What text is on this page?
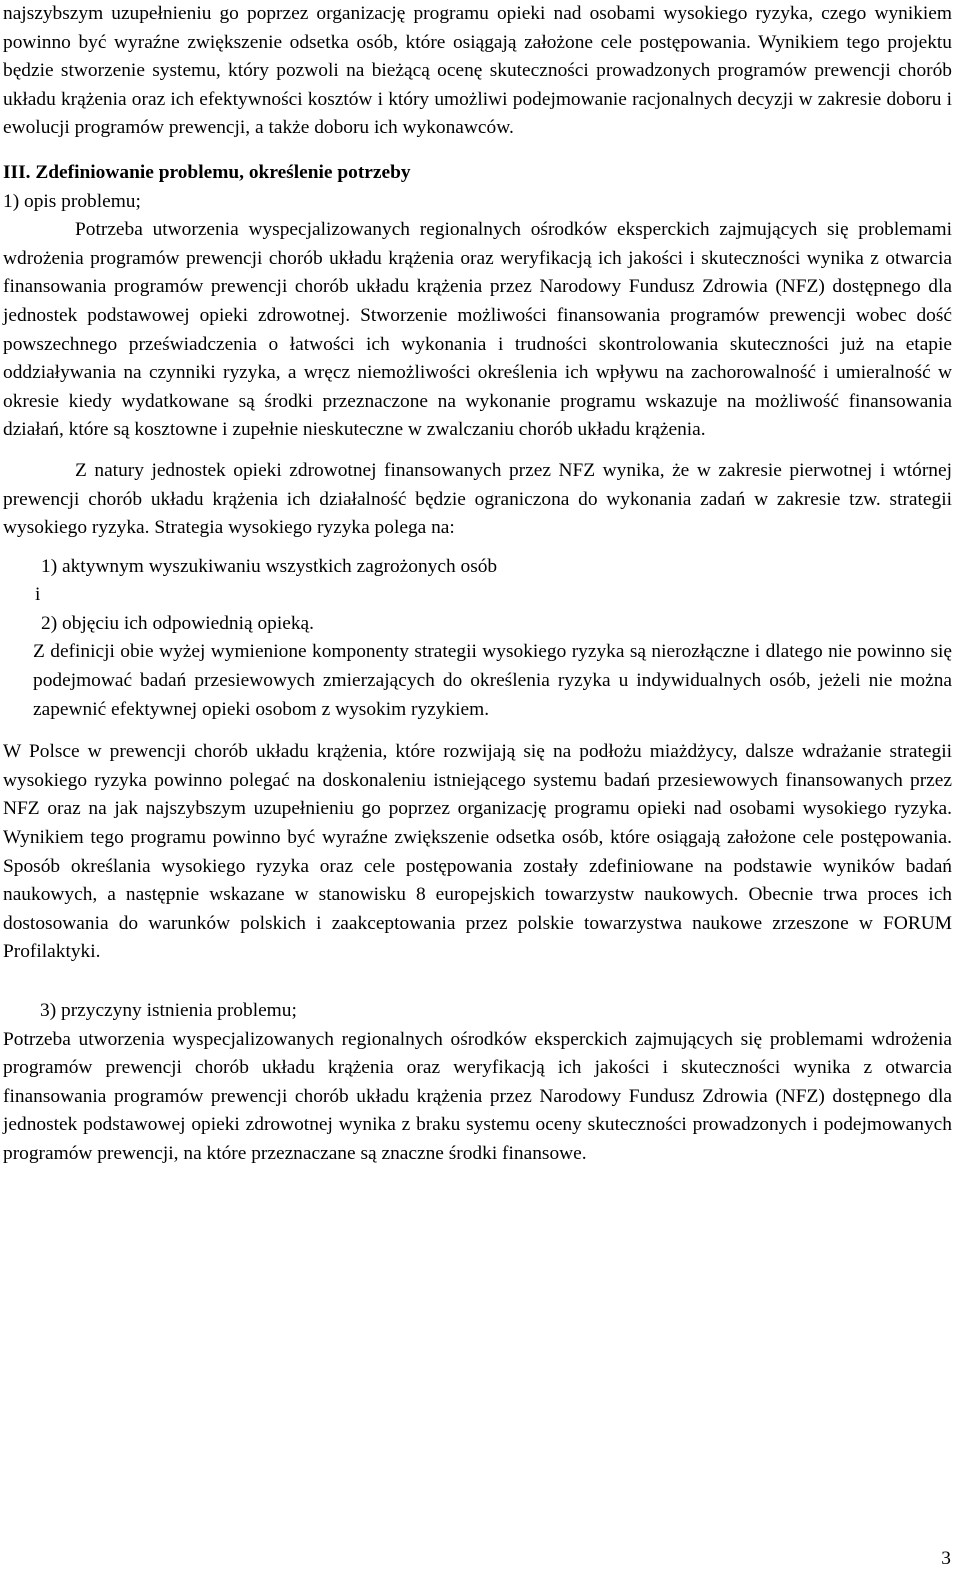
najszybszym uzupełnieniu go poprzez organizację programu opieki nad osobami wysokiego ryzyka, czego wynikiem powinno być wyraźne zwiększenie odsetka osób, które osiągają założone cele postępowania. Wynikiem tego projektu będzie stworzenie systemu, który pozwoli na bieżącą ocenę skuteczności prowadzonych programów prewencji chorób układu krążenia oraz ich efektywności kosztów i który umożliwi podejmowanie racjonalnych decyzji w zakresie doboru i ewolucji programów prewencji, a także doboru ich wykonawców.

III. Zdefiniowanie problemu, określenie potrzeby

1) opis problemu;

Potrzeba utworzenia wyspecjalizowanych regionalnych ośrodków eksperckich zajmujących się problemami wdrożenia programów prewencji chorób układu krążenia oraz weryfikacją ich jakości i skuteczności wynika z otwarcia finansowania programów prewencji chorób układu krążenia przez Narodowy Fundusz Zdrowia (NFZ) dostępnego dla jednostek podstawowej opieki zdrowotnej. Stworzenie możliwości finansowania programów prewencji wobec dość powszechnego przeświadczenia o łatwości ich wykonania i trudności skontrolowania skuteczności już na etapie oddziaływania na czynniki ryzyka, a wręcz niemożliwości określenia ich wpływu na zachorowalność i umieralność w okresie kiedy wydatkowane są środki przeznaczone na wykonanie programu wskazuje na możliwość finansowania działań, które są kosztowne i zupełnie nieskuteczne w zwalczaniu chorób układu krążenia.

Z natury jednostek opieki zdrowotnej finansowanych przez NFZ wynika, że w zakresie pierwotnej i wtórnej prewencji chorób układu krążenia ich działalność będzie ograniczona do wykonania zadań w zakresie tzw. strategii wysokiego ryzyka. Strategia wysokiego ryzyka polega na:

1) aktywnym wyszukiwaniu wszystkich zagrożonych osób

i

2) objęciu ich odpowiednią opieką.

Z definicji obie wyżej wymienione komponenty strategii wysokiego ryzyka są nierozłączne i dlatego nie powinno się podejmować badań przesiewowych zmierzających do określenia ryzyka u indywidualnych osób, jeżeli nie można zapewnić efektywnej opieki osobom z wysokim ryzykiem.

W Polsce w prewencji chorób układu krążenia, które rozwijają się na podłożu miażdżycy, dalsze wdrażanie strategii wysokiego ryzyka powinno polegać na doskonaleniu istniejącego systemu badań przesiewowych finansowanych przez NFZ oraz na jak najszybszym uzupełnieniu go poprzez organizację programu opieki nad osobami wysokiego ryzyka. Wynikiem tego programu powinno być wyraźne zwiększenie odsetka osób, które osiągają założone cele postępowania. Sposób określania wysokiego ryzyka oraz cele postępowania zostały zdefiniowane na podstawie wyników badań naukowych, a następnie wskazane w stanowisku 8 europejskich towarzystw naukowych. Obecnie trwa proces ich dostosowania do warunków polskich i zaakceptowania przez polskie towarzystwa naukowe zrzeszone w FORUM Profilaktyki.

3) przyczyny istnienia problemu;

Potrzeba utworzenia wyspecjalizowanych regionalnych ośrodków eksperckich zajmujących się problemami wdrożenia programów prewencji chorób układu krążenia oraz weryfikacją ich jakości i skuteczności wynika z otwarcia finansowania programów prewencji chorób układu krążenia przez Narodowy Fundusz Zdrowia (NFZ) dostępnego dla jednostek podstawowej opieki zdrowotnej wynika z braku systemu oceny skuteczności prowadzonych i podejmowanych programów prewencji, na które przeznaczane są znaczne środki finansowe.

3
